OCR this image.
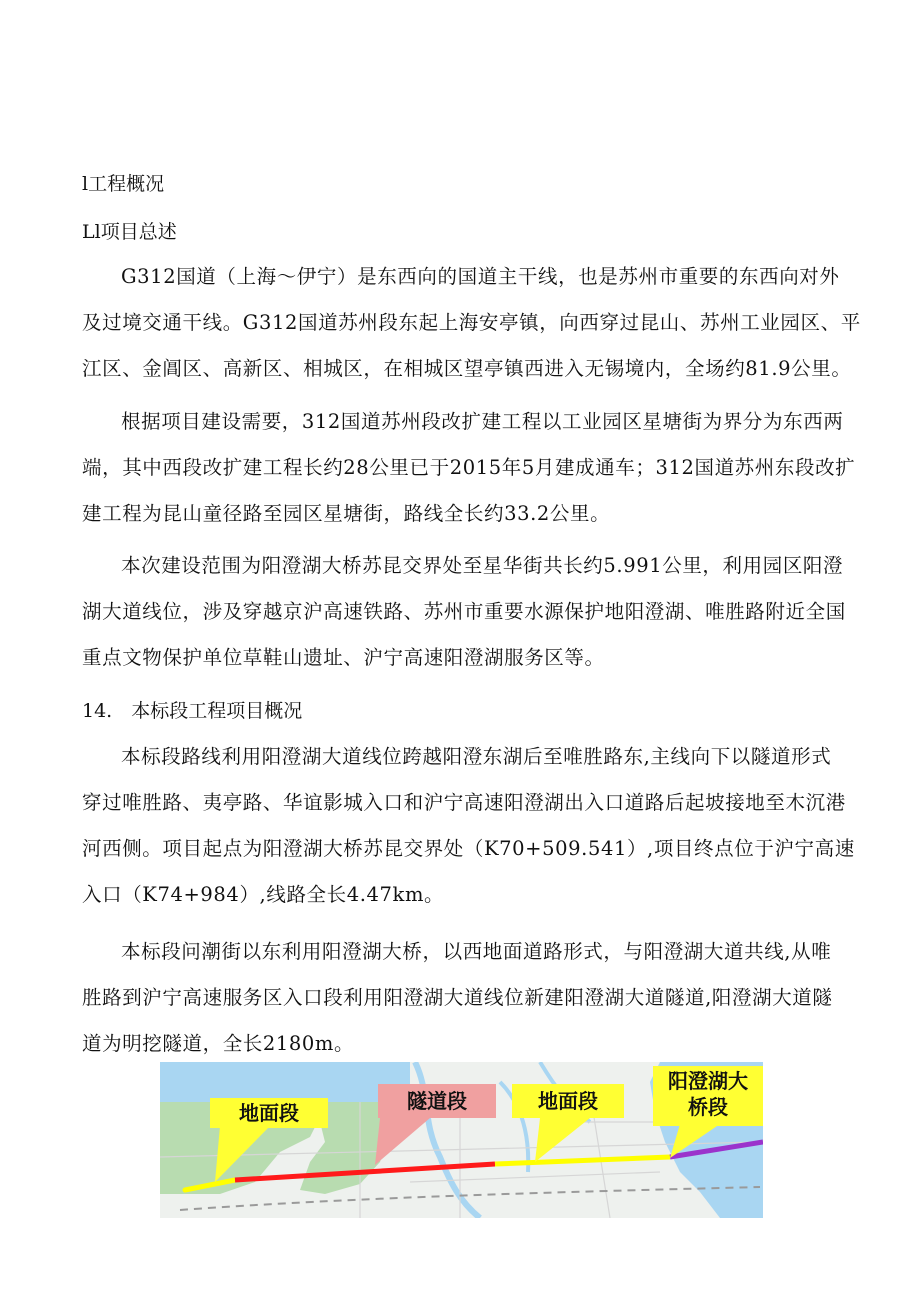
l工程概况
Ll项目总述
G312国道（上海～伊宁）是东西向的国道主干线，也是苏州市重要的东西向对外
及过境交通干线。G312国道苏州段东起上海安亭镇，向西穿过昆山、苏州工业园区、平
江区、金阊区、高新区、相城区，在相城区望亭镇西进入无锡境内，全场约81.9公里。
根据项目建设需要，312国道苏州段改扩建工程以工业园区星塘街为界分为东西两
端，其中西段改扩建工程长约28公里已于2015年5月建成通车；312国道苏州东段改扩
建工程为昆山童径路至园区星塘街，路线全长约33.2公里。
本次建设范围为阳澄湖大桥苏昆交界处至星华街共长约5.991公里，利用园区阳澄
湖大道线位，涉及穿越京沪高速铁路、苏州市重要水源保护地阳澄湖、唯胜路附近全国
重点文物保护单位草鞋山遗址、沪宁高速阳澄湖服务区等。
14.　本标段工程项目概况
本标段路线利用阳澄湖大道线位跨越阳澄东湖后至唯胜路东,主线向下以隧道形式
穿过唯胜路、夷亭路、华谊影城入口和沪宁高速阳澄湖出入口道路后起坡接地至木沉港
河西侧。项目起点为阳澄湖大桥苏昆交界处（K70+509.541）,项目终点位于沪宁高速
入口（K74+984）,线路全长4.47km。
本标段问潮街以东利用阳澄湖大桥，以西地面道路形式，与阳澄湖大道共线,从唯
胜路到沪宁高速服务区入口段利用阳澄湖大道线位新建阳澄湖大道隧道,阳澄湖大道隧
道为明挖隧道，全长2180m。
地面段	隧道段	地面段
阳澄湖大
桥段
